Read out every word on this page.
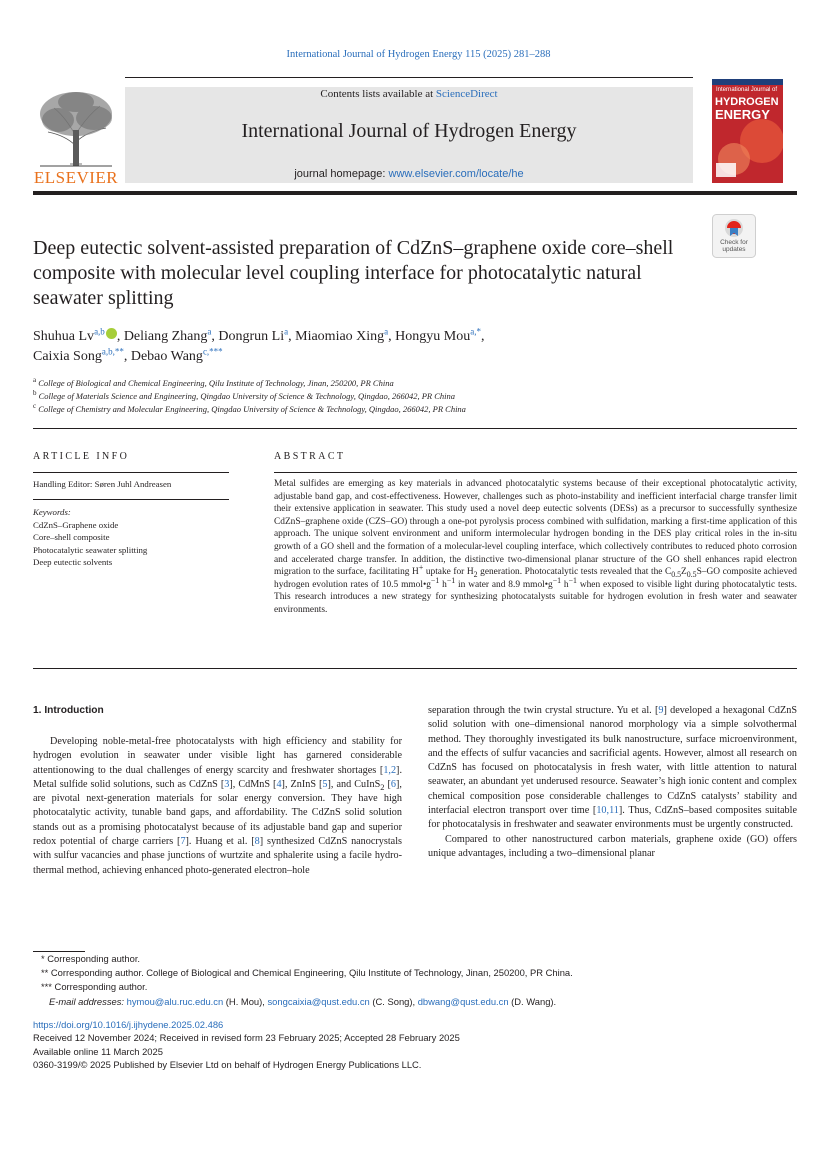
International Journal of Hydrogen Energy 115 (2025) 281–288
ELSEVIER
Contents lists available at ScienceDirect
International Journal of Hydrogen Energy
journal homepage: www.elsevier.com/locate/he
International Journal of
HYDROGEN
ENERGY
Check for
updates
Deep eutectic solvent-assisted preparation of CdZnS–graphene oxide core–shell composite with molecular level coupling interface for photocatalytic natural seawater splitting
Shuhua Lv$^{a,b}$ , Deliang Zhang$^a$, Dongrun Li$^a$, Miaomiao Xing$^a$, Hongyu Mou$^{a,*}$,
Caixia Song$^{a,b,**}$, Debao Wang$^{c,***}$
$^a$ College of Biological and Chemical Engineering, Qilu Institute of Technology, Jinan, 250200, PR China
$^b$ College of Materials Science and Engineering, Qingdao University of Science & Technology, Qingdao, 266042, PR China
$^c$ College of Chemistry and Molecular Engineering, Qingdao University of Science & Technology, Qingdao, 266042, PR China
ARTICLE INFO
Handling Editor: Søren Juhl Andreasen
Keywords:
CdZnS–Graphene oxide
Core–shell composite
Photocatalytic seawater splitting
Deep eutectic solvents
ABSTRACT

Metal sulfides are emerging as key materials in advanced photocatalytic systems because of their exceptional photocatalytic activity, adjustable band gap, and cost-effectiveness. However, challenges such as photo-instability and inefficient interfacial charge transfer limit their extensive application in seawater. This study used a novel deep eutectic solvents (DESs) as a precursor to successfully synthesize CdZnS–graphene oxide (CZS–GO) through a one-pot pyrolysis process combined with sulfidation, marking a first-time application of this approach. The unique solvent environment and uniform intermolecular hydrogen bonding in the DES play critical roles in the in-situ growth of a GO shell and the formation of a molecular-level coupling interface, which collectively contributes to reduced photo corrosion and accelerated charge transfer. In addition, the distinctive two-dimensional planar structure of the GO shell enhances rapid electron migration to the surface, facilitating H+ uptake for $H_2$ generation. Photocatalytic tests revealed that the $C_{0.5}Z_{0.5}S-GO$ composite achieved hydrogen evolution rates of 10.5 $mmol•g^{-1}$ $h^{-1}$ in water and 8.9 $mmol•g^{-1}$ $h^{-1}$ when exposed to visible light during photocatalytic tests. This research introduces a new strategy for synthesizing photocatalysts suitable for hydrogen evolution in fresh water and seawater environments.

1. Introduction

Developing noble-metal-free photocatalysts with high efficiency and stability for hydrogen evolution in seawater under visible light has garnered considerable attentionowing to the dual challenges of energy scarcity and freshwater shortages [1,2]. Metal sulfide solid solutions, such as CdZnS [3], CdMnS [4], ZnInS [5], and CuInS$_2$ [6], are pivotal next-generation materials for solar energy conversion. They have high photocatalytic activity, tunable band gaps, and affordability. The CdZnS solid solution stands out as a promising photocatalyst because of its adjustable band gap and superior redox potential of charge carriers [7]. Huang et al. [8] synthesized CdZnS nanocrystals with sulfur vacancies and phase junctions of wurtzite and sphalerite using a facile hydro-thermal method, achieving enhanced photo-generated electron–hole

separation through the twin crystal structure. Yu et al. [9] developed a hexagonal CdZnS solid solution with one–dimensional nanorod morphology via a simple solvothermal method. They thoroughly investigated its bulk nanostructure, surface microenvironment, and the effects of sulfur vacancies and sacrificial agents. However, almost all research on CdZnS has focused on photocatalysis in fresh water, with little attention to natural seawater, an abundant yet underused resource. Seawater’s high ionic content and complex chemical composition pose considerable challenges to CdZnS catalysts’ stability and interfacial electron transport over time [10,11]. Thus, CdZnS–based composites suitable for photocatalysis in freshwater and seawater environments must be urgently constructed.

Compared to other nanostructured carbon materials, graphene oxide (GO) offers unique advantages, including a two–dimensional planar

* Corresponding author.
** Corresponding author. College of Biological and Chemical Engineering, Qilu Institute of Technology, Jinan, 250200, PR China.
*** Corresponding author.
E-mail addresses: hymou@alu.ruc.edu.cn (H. Mou), songcaixia@qust.edu.cn (C. Song), dbwang@qust.edu.cn (D. Wang).
https://doi.org/10.1016/j.ijhydene.2025.02.486
Received 12 November 2024; Received in revised form 23 February 2025; Accepted 28 February 2025
Available online 11 March 2025
0360-3199/© 2025 Published by Elsevier Ltd on behalf of Hydrogen Energy Publications LLC.
